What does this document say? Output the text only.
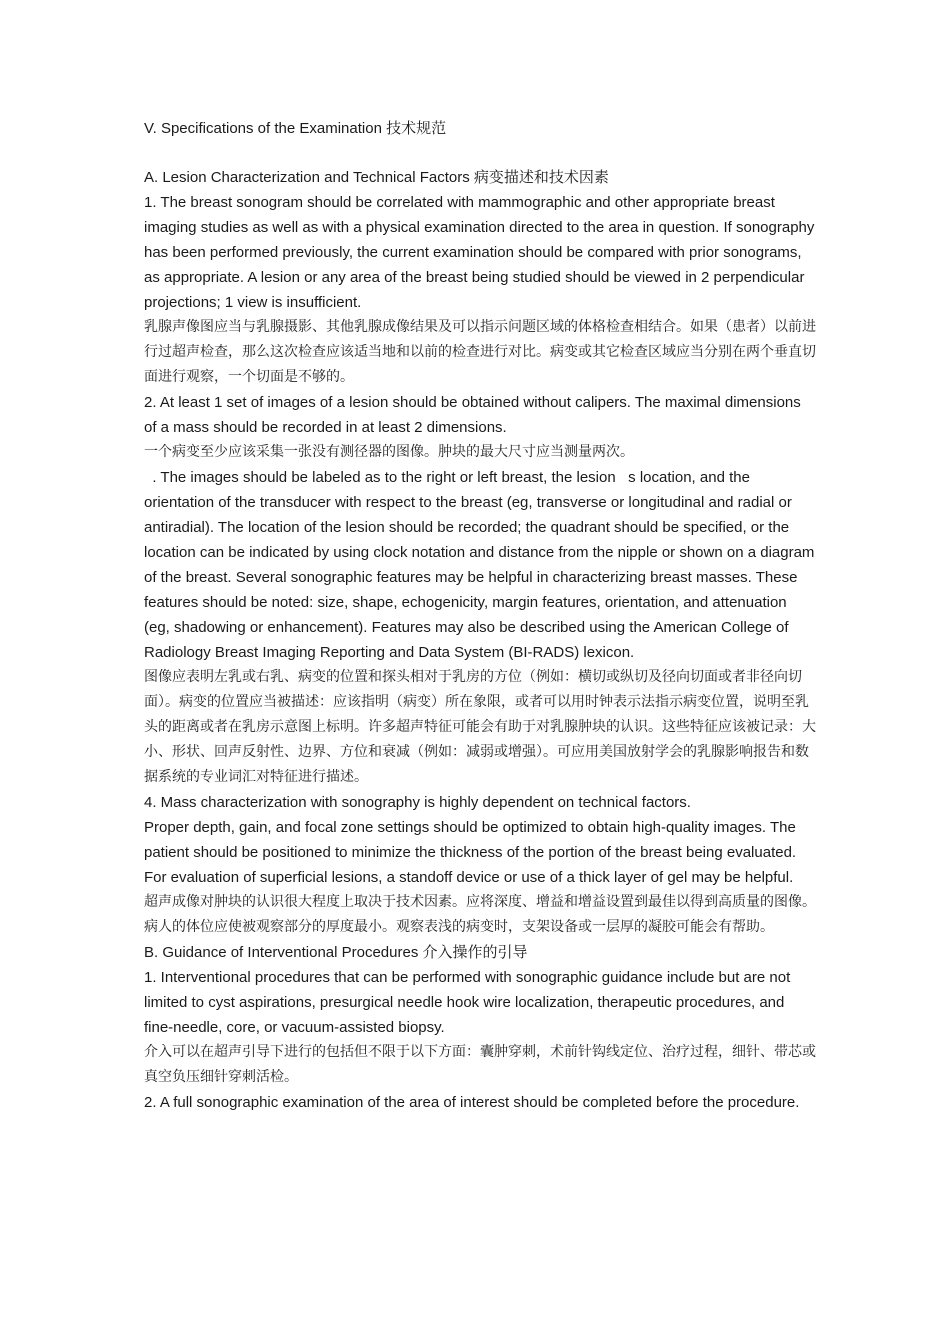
V. Specifications of the Examination 技术规范

A. Lesion Characterization and Technical Factors 病变描述和技术因素

1. The breast sonogram should be correlated with mammographic and other appropriate breast imaging studies as well as with a physical examination directed to the area in question. If sonography has been performed previously, the current examination should be compared with prior sonograms, as appropriate. A lesion or any area of the breast being studied should be viewed in 2 perpendicular projections; 1 view is insufficient.

乳腺声像图应当与乳腺摄影、其他乳腺成像结果及可以指示问题区域的体格检查相结合。如果（患者）以前进行过超声检查，那么这次检查应该适当地和以前的检查进行对比。病变或其它检查区域应当分别在两个垂直切面进行观察，一个切面是不够的。

2. At least 1 set of images of a lesion should be obtained without calipers. The maximal dimensions of a mass should be recorded in at least 2 dimensions.

一个病变至少应该采集一张没有测径器的图像。肿块的最大尺寸应当测量两次。

. The images should be labeled as to the right or left breast, the lesion   s location, and the orientation of the transducer with respect to the breast (eg, transverse or longitudinal and radial or antiradial). The location of the lesion should be recorded; the quadrant should be specified, or the location can be indicated by using clock notation and distance from the nipple or shown on a diagram of the breast. Several sonographic features may be helpful in characterizing breast masses. These features should be noted: size, shape, echogenicity, margin features, orientation, and attenuation (eg, shadowing or enhancement). Features may also be described using the American College of Radiology Breast Imaging Reporting and Data System (BI-RADS) lexicon.

图像应表明左乳或右乳、病变的位置和探头相对于乳房的方位（例如：横切或纵切及径向切面或者非径向切面）。病变的位置应当被描述：应该指明（病变）所在象限，或者可以用时钟表示法指示病变位置，说明至乳头的距离或者在乳房示意图上标明。许多超声特征可能会有助于对乳腺肿块的认识。这些特征应该被记录：大小、形状、回声反射性、边界、方位和衰减（例如：减弱或增强）。可应用美国放射学会的乳腺影响报告和数据系统的专业词汇对特征进行描述。

4. Mass characterization with sonography is highly dependent on technical factors.

Proper depth, gain, and focal zone settings should be optimized to obtain high-quality images. The patient should be positioned to minimize the thickness of the portion of the breast being evaluated. For evaluation of superficial lesions, a standoff device or use of a thick layer of gel may be helpful.

超声成像对肿块的认识很大程度上取决于技术因素。应将深度、增益和增益设置到最佳以得到高质量的图像。病人的体位应使被观察部分的厚度最小。观察表浅的病变时，支架设备或一层厚的凝胶可能会有帮助。

B. Guidance of Interventional Procedures 介入操作的引导

1. Interventional procedures that can be performed with sonographic guidance include but are not limited to cyst aspirations, presurgical needle hook wire localization, therapeutic procedures, and fine-needle, core, or vacuum-assisted biopsy.

介入可以在超声引导下进行的包括但不限于以下方面：囊肿穿刺，术前针钩线定位、治疗过程，细针、带芯或真空负压细针穿刺活检。

2. A full sonographic examination of the area of interest should be completed before the procedure.
